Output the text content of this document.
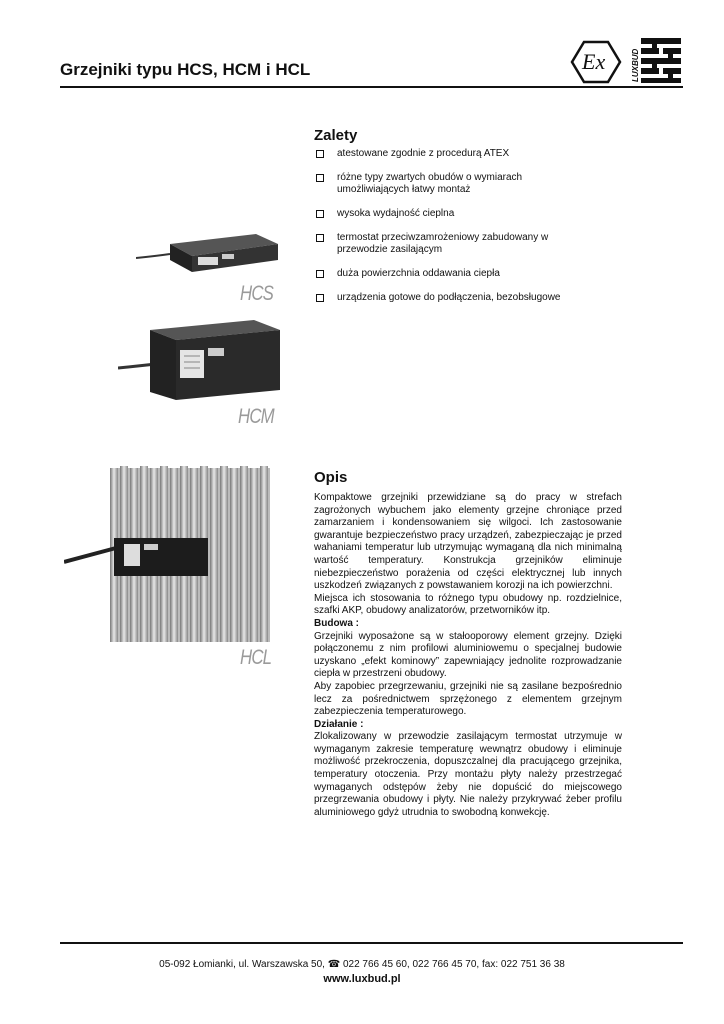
Grzejniki typu HCS, HCM i HCL	Ex	LUXBUD
Zalety
atestowane zgodnie z procedurą ATEX
różne typy zwartych obudów o wymiarach umożliwiających łatwy montaż
wysoka wydajność cieplna
termostat przeciwzamrożeniowy zabudowany w przewodzie zasilającym
duża powierzchnia oddawania ciepła
urządzenia gotowe do podłączenia, bezobsługowe
HCS
HCM
HCL
Opis

Kompaktowe grzejniki przewidziane są do pracy w strefach zagrożonych wybuchem jako elementy grzejne chroniące przed zamarzaniem i kondensowaniem się wilgoci. Ich zastosowanie gwarantuje bezpieczeństwo pracy urządzeń, zabezpieczając je przed wahaniami temperatur lub utrzymując wymaganą dla nich minimalną wartość temperatury. Konstrukcja grzejników eliminuje niebezpieczeństwo porażenia od części elektrycznej lub innych uszkodzeń związanych z powstawaniem korozji na ich powierzchni.

Miejsca ich stosowania to różnego typu obudowy np. rozdzielnice, szafki AKP, obudowy analizatorów, przetworników itp.

Budowa :

Grzejniki wyposażone są w stałooporowy element grzejny. Dzięki połączonemu z nim profilowi aluminiowemu o specjalnej budowie uzyskano „efekt kominowy” zapewniający jednolite rozprowadzanie ciepła w przestrzeni obudowy.

Aby zapobiec przegrzewaniu, grzejniki nie są zasilane bezpośrednio lecz za pośrednictwem sprzężonego z elementem grzejnym zabezpieczenia temperaturowego.

Działanie :

Zlokalizowany w przewodzie zasilającym termostat utrzymuje w wymaganym zakresie temperaturę wewnątrz obudowy i eliminuje możliwość przekroczenia, dopuszczalnej dla pracującego grzejnika, temperatury otoczenia. Przy montażu płyty należy przestrzegać wymaganych odstępów żeby nie dopuścić do miejscowego przegrzewania obudowy i płyty. Nie należy przykrywać żeber profilu aluminiowego gdyż utrudnia to swobodną konwekcję.

05-092 Łomianki, ul. Warszawska 50, ☎ 022 766 45 60, 022 766 45 70, fax: 022 751 36 38
www.luxbud.pl
